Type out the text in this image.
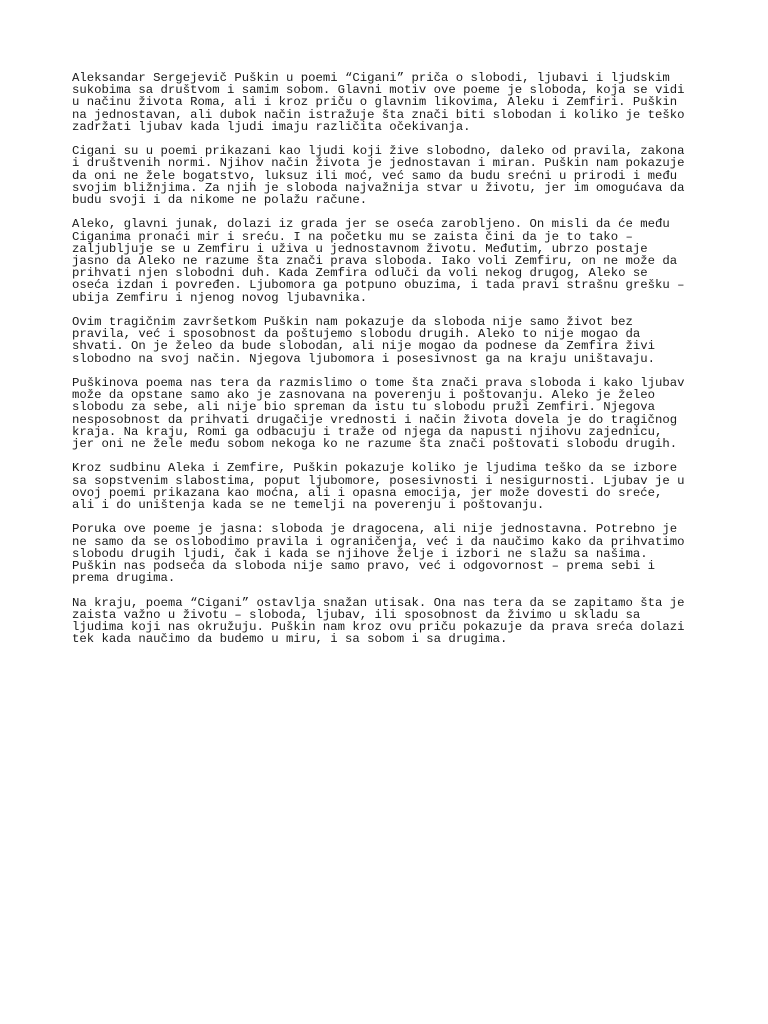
Aleksandar Sergejevič Puškin u poemi “Cigani” priča o slobodi, ljubavi i ljudskim
sukobima sa društvom i samim sobom. Glavni motiv ove poeme je sloboda, koja se vidi
u načinu života Roma, ali i kroz priču o glavnim likovima, Aleku i Zemfiri. Puškin
na jednostavan, ali dubok način istražuje šta znači biti slobodan i koliko je teško
zadržati ljubav kada ljudi imaju različita očekivanja.

Cigani su u poemi prikazani kao ljudi koji žive slobodno, daleko od pravila, zakona
i društvenih normi. Njihov način života je jednostavan i miran. Puškin nam pokazuje
da oni ne žele bogatstvo, luksuz ili moć, već samo da budu srećni u prirodi i među
svojim bližnjima. Za njih je sloboda najvažnija stvar u životu, jer im omogućava da
budu svoji i da nikome ne polažu račune.

Aleko, glavni junak, dolazi iz grada jer se oseća zarobljeno. On misli da će među
Ciganima pronaći mir i sreću. I na početku mu se zaista čini da je to tako –
zaljubljuje se u Zemfiru i uživa u jednostavnom životu. Međutim, ubrzo postaje
jasno da Aleko ne razume šta znači prava sloboda. Iako voli Zemfiru, on ne može da
prihvati njen slobodni duh. Kada Zemfira odluči da voli nekog drugog, Aleko se
oseća izdan i povređen. Ljubomora ga potpuno obuzima, i tada pravi strašnu grešku –
ubija Zemfiru i njenog novog ljubavnika.

Ovim tragičnim završetkom Puškin nam pokazuje da sloboda nije samo život bez
pravila, već i sposobnost da poštujemo slobodu drugih. Aleko to nije mogao da
shvati. On je želeo da bude slobodan, ali nije mogao da podnese da Zemfira živi
slobodno na svoj način. Njegova ljubomora i posesivnost ga na kraju uništavaju.

Puškinova poema nas tera da razmislimo o tome šta znači prava sloboda i kako ljubav
može da opstane samo ako je zasnovana na poverenju i poštovanju. Aleko je želeo
slobodu za sebe, ali nije bio spreman da istu tu slobodu pruži Zemfiri. Njegova
nesposobnost da prihvati drugačije vrednosti i način života dovela je do tragičnog
kraja. Na kraju, Romi ga odbacuju i traže od njega da napusti njihovu zajednicu,
jer oni ne žele među sobom nekoga ko ne razume šta znači poštovati slobodu drugih.

Kroz sudbinu Aleka i Zemfire, Puškin pokazuje koliko je ljudima teško da se izbore
sa sopstvenim slabostima, poput ljubomore, posesivnosti i nesigurnosti. Ljubav je u
ovoj poemi prikazana kao moćna, ali i opasna emocija, jer može dovesti do sreće,
ali i do uništenja kada se ne temelji na poverenju i poštovanju.

Poruka ove poeme je jasna: sloboda je dragocena, ali nije jednostavna. Potrebno je
ne samo da se oslobodimo pravila i ograničenja, već i da naučimo kako da prihvatimo
slobodu drugih ljudi, čak i kada se njihove želje i izbori ne slažu sa našima.
Puškin nas podseća da sloboda nije samo pravo, već i odgovornost – prema sebi i
prema drugima.

Na kraju, poema “Cigani” ostavlja snažan utisak. Ona nas tera da se zapitamo šta je
zaista važno u životu – sloboda, ljubav, ili sposobnost da živimo u skladu sa
ljudima koji nas okružuju. Puškin nam kroz ovu priču pokazuje da prava sreća dolazi
tek kada naučimo da budemo u miru, i sa sobom i sa drugima.
